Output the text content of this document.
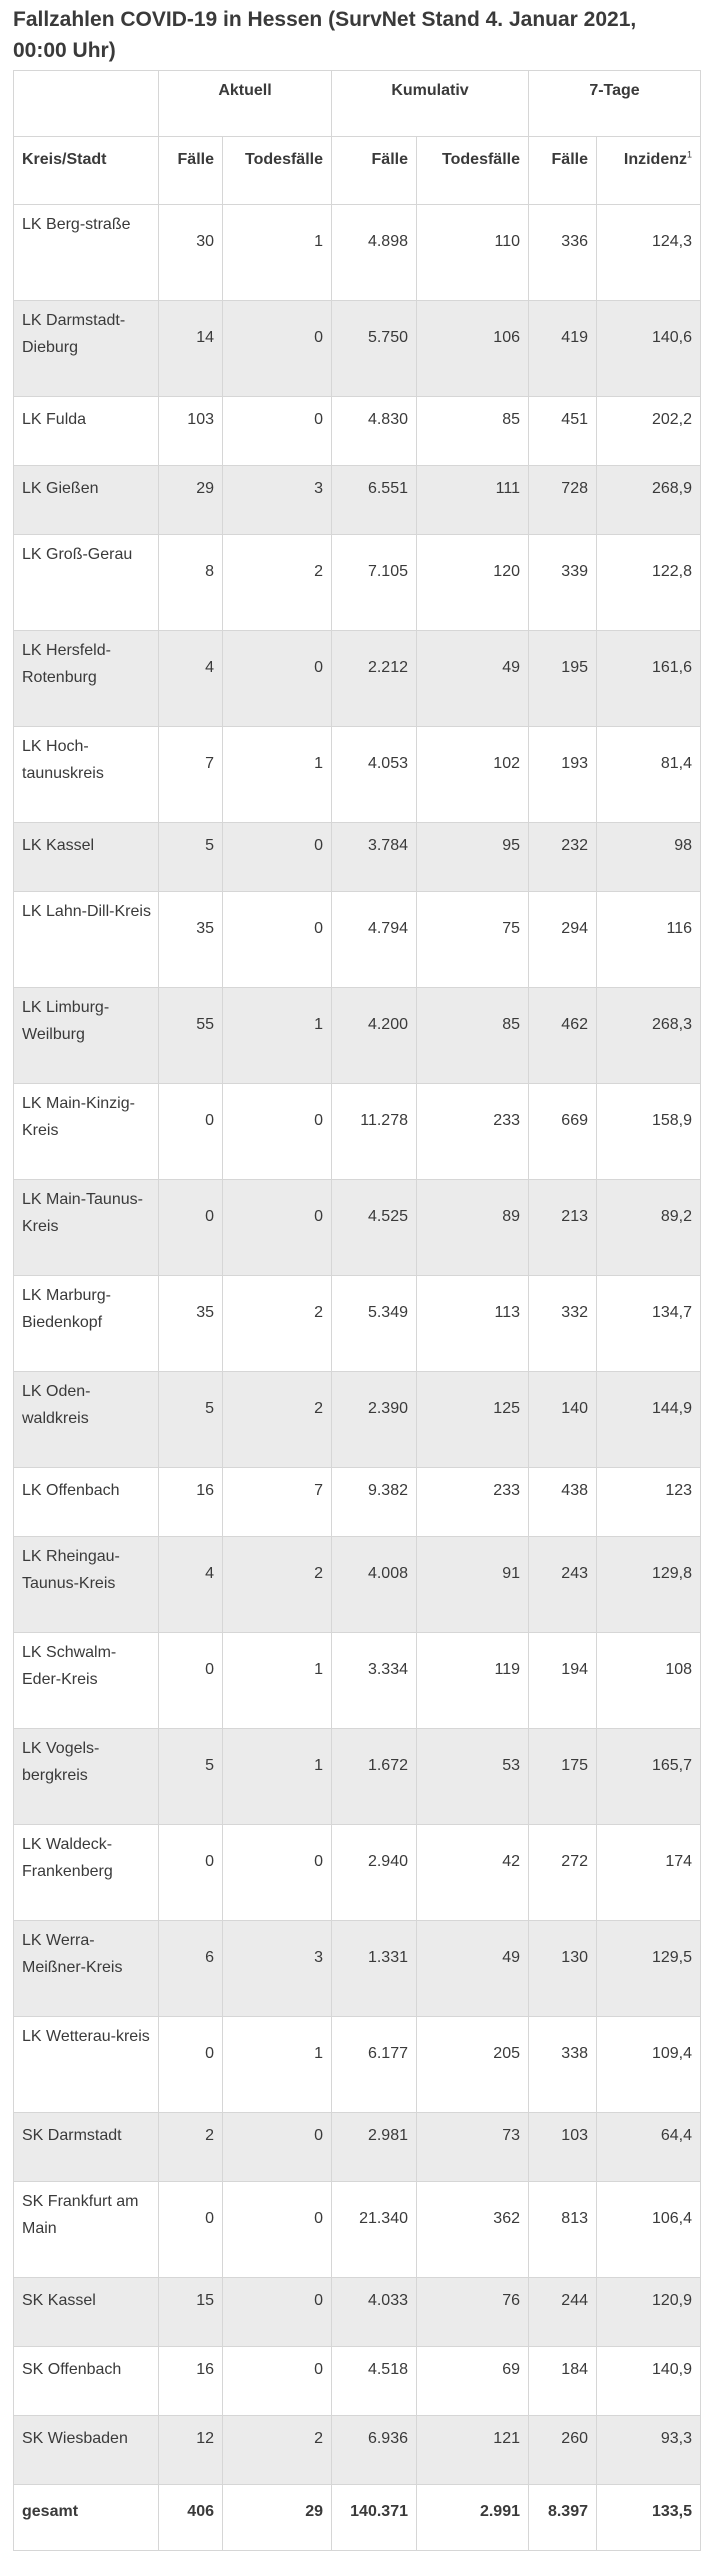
Fallzahlen COVID-19 in Hessen (SurvNet Stand 4. Januar 2021, 00:00 Uhr)
	Aktuell		Kumulativ		7-Tage	
Kreis/Stadt	Fälle	Todesfälle	Fälle	Todesfälle	Fälle	Inzidenz$^1$
LK Berg-straße	30	1	4.898	110	336	124,3
LK Darmstadt-Dieburg	14	0	5.750	106	419	140,6
LK Fulda	103	0	4.830	85	451	202,2
LK Gießen	29	3	6.551	111	728	268,9
LK Groß-Gerau	8	2	7.105	120	339	122,8
LK Hersfeld-Rotenburg	4	0	2.212	49	195	161,6
LK Hoch-taunuskreis	7	1	4.053	102	193	81,4
LK Kassel	5	0	3.784	95	232	98
LK Lahn-Dill-Kreis	35	0	4.794	75	294	116
LK Limburg-Weilburg	55	1	4.200	85	462	268,3
LK Main-Kinzig-Kreis	0	0	11.278	233	669	158,9
LK Main-Taunus-Kreis	0	0	4.525	89	213	89,2
LK Marburg-Biedenkopf	35	2	5.349	113	332	134,7
LK Oden-waldkreis	5	2	2.390	125	140	144,9
LK Offenbach	16	7	9.382	233	438	123
LK Rheingau-Taunus-Kreis	4	2	4.008	91	243	129,8
LK Schwalm-Eder-Kreis	0	1	3.334	119	194	108
LK Vogels-bergkreis	5	1	1.672	53	175	165,7
LK Waldeck-Frankenberg	0	0	2.940	42	272	174
LK Werra-Meißner-Kreis	6	3	1.331	49	130	129,5
LK Wetterau-kreis	0	1	6.177	205	338	109,4
SK Darmstadt	2	0	2.981	73	103	64,4
SK Frankfurt am Main	0	0	21.340	362	813	106,4
SK Kassel	15	0	4.033	76	244	120,9
SK Offenbach	16	0	4.518	69	184	140,9
SK Wiesbaden	12	2	6.936	121	260	93,3
gesamt	406	29	140.371	2.991	8.397	133,5
